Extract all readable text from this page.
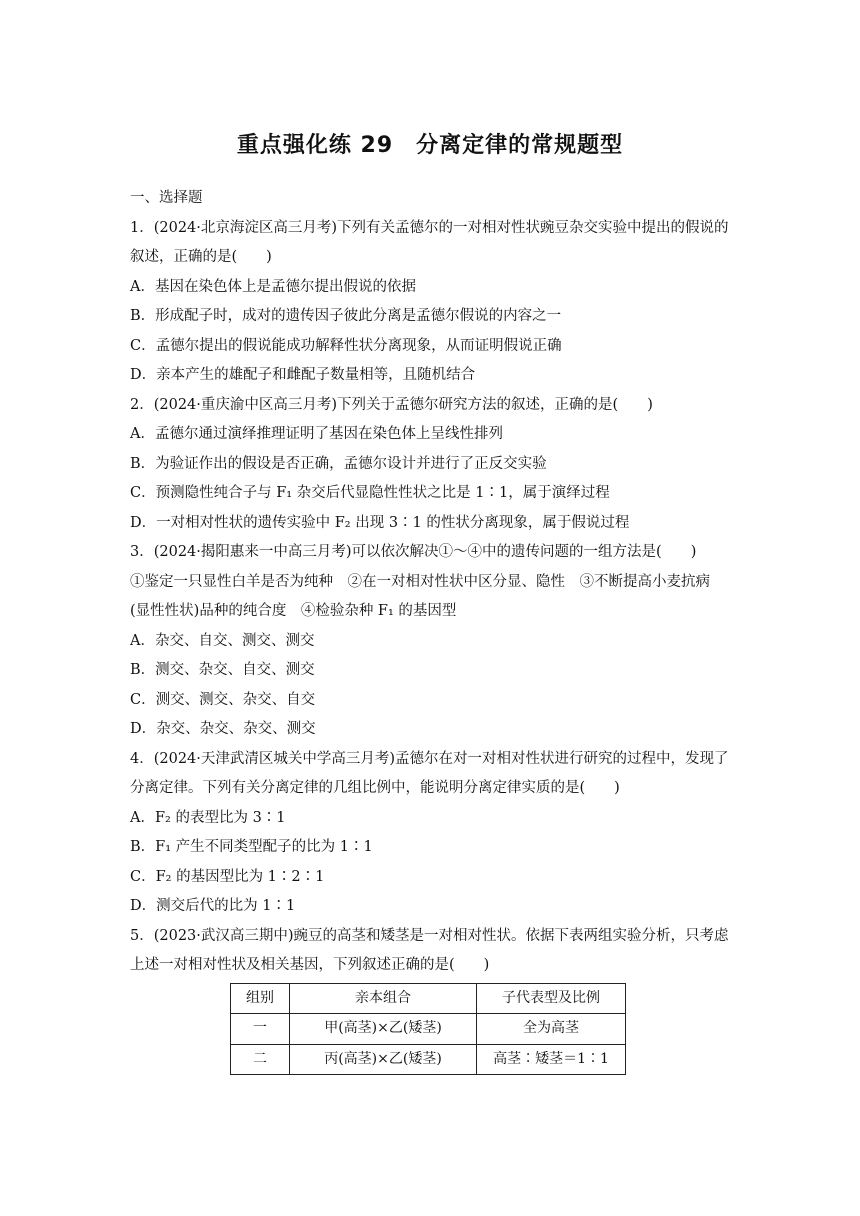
重点强化练 29　分离定律的常规题型
一、选择题
1．(2024·北京海淀区高三月考)下列有关孟德尔的一对相对性状豌豆杂交实验中提出的假说的
叙述，正确的是(　　)
A．基因在染色体上是孟德尔提出假说的依据
B．形成配子时，成对的遗传因子彼此分离是孟德尔假说的内容之一
C．孟德尔提出的假说能成功解释性状分离现象，从而证明假说正确
D．亲本产生的雄配子和雌配子数量相等，且随机结合
2．(2024·重庆渝中区高三月考)下列关于孟德尔研究方法的叙述，正确的是(　　)
A．孟德尔通过演绎推理证明了基因在染色体上呈线性排列
B．为验证作出的假设是否正确，孟德尔设计并进行了正反交实验
C．预测隐性纯合子与 F₁ 杂交后代显隐性性状之比是 1∶1，属于演绎过程
D．一对相对性状的遗传实验中 F₂ 出现 3∶1 的性状分离现象，属于假说过程
3．(2024·揭阳惠来一中高三月考)可以依次解决①～④中的遗传问题的一组方法是(　　)
①鉴定一只显性白羊是否为纯种　②在一对相对性状中区分显、隐性　③不断提高小麦抗病
(显性性状)品种的纯合度　④检验杂种 F₁ 的基因型
A．杂交、自交、测交、测交
B．测交、杂交、自交、测交
C．测交、测交、杂交、自交
D．杂交、杂交、杂交、测交
4．(2024·天津武清区城关中学高三月考)孟德尔在对一对相对性状进行研究的过程中，发现了
分离定律。下列有关分离定律的几组比例中，能说明分离定律实质的是(　　)
A．F₂ 的表型比为 3∶1
B．F₁ 产生不同类型配子的比为 1∶1
C．F₂ 的基因型比为 1∶2∶1
D．测交后代的比为 1∶1
5．(2023·武汉高三期中)豌豆的高茎和矮茎是一对相对性状。依据下表两组实验分析，只考虑
上述一对相对性状及相关基因，下列叙述正确的是(　　)
组别	亲本组合	子代表型及比例
一	甲(高茎)×乙(矮茎)	全为高茎
二	丙(高茎)×乙(矮茎)	高茎∶矮茎＝1∶1
